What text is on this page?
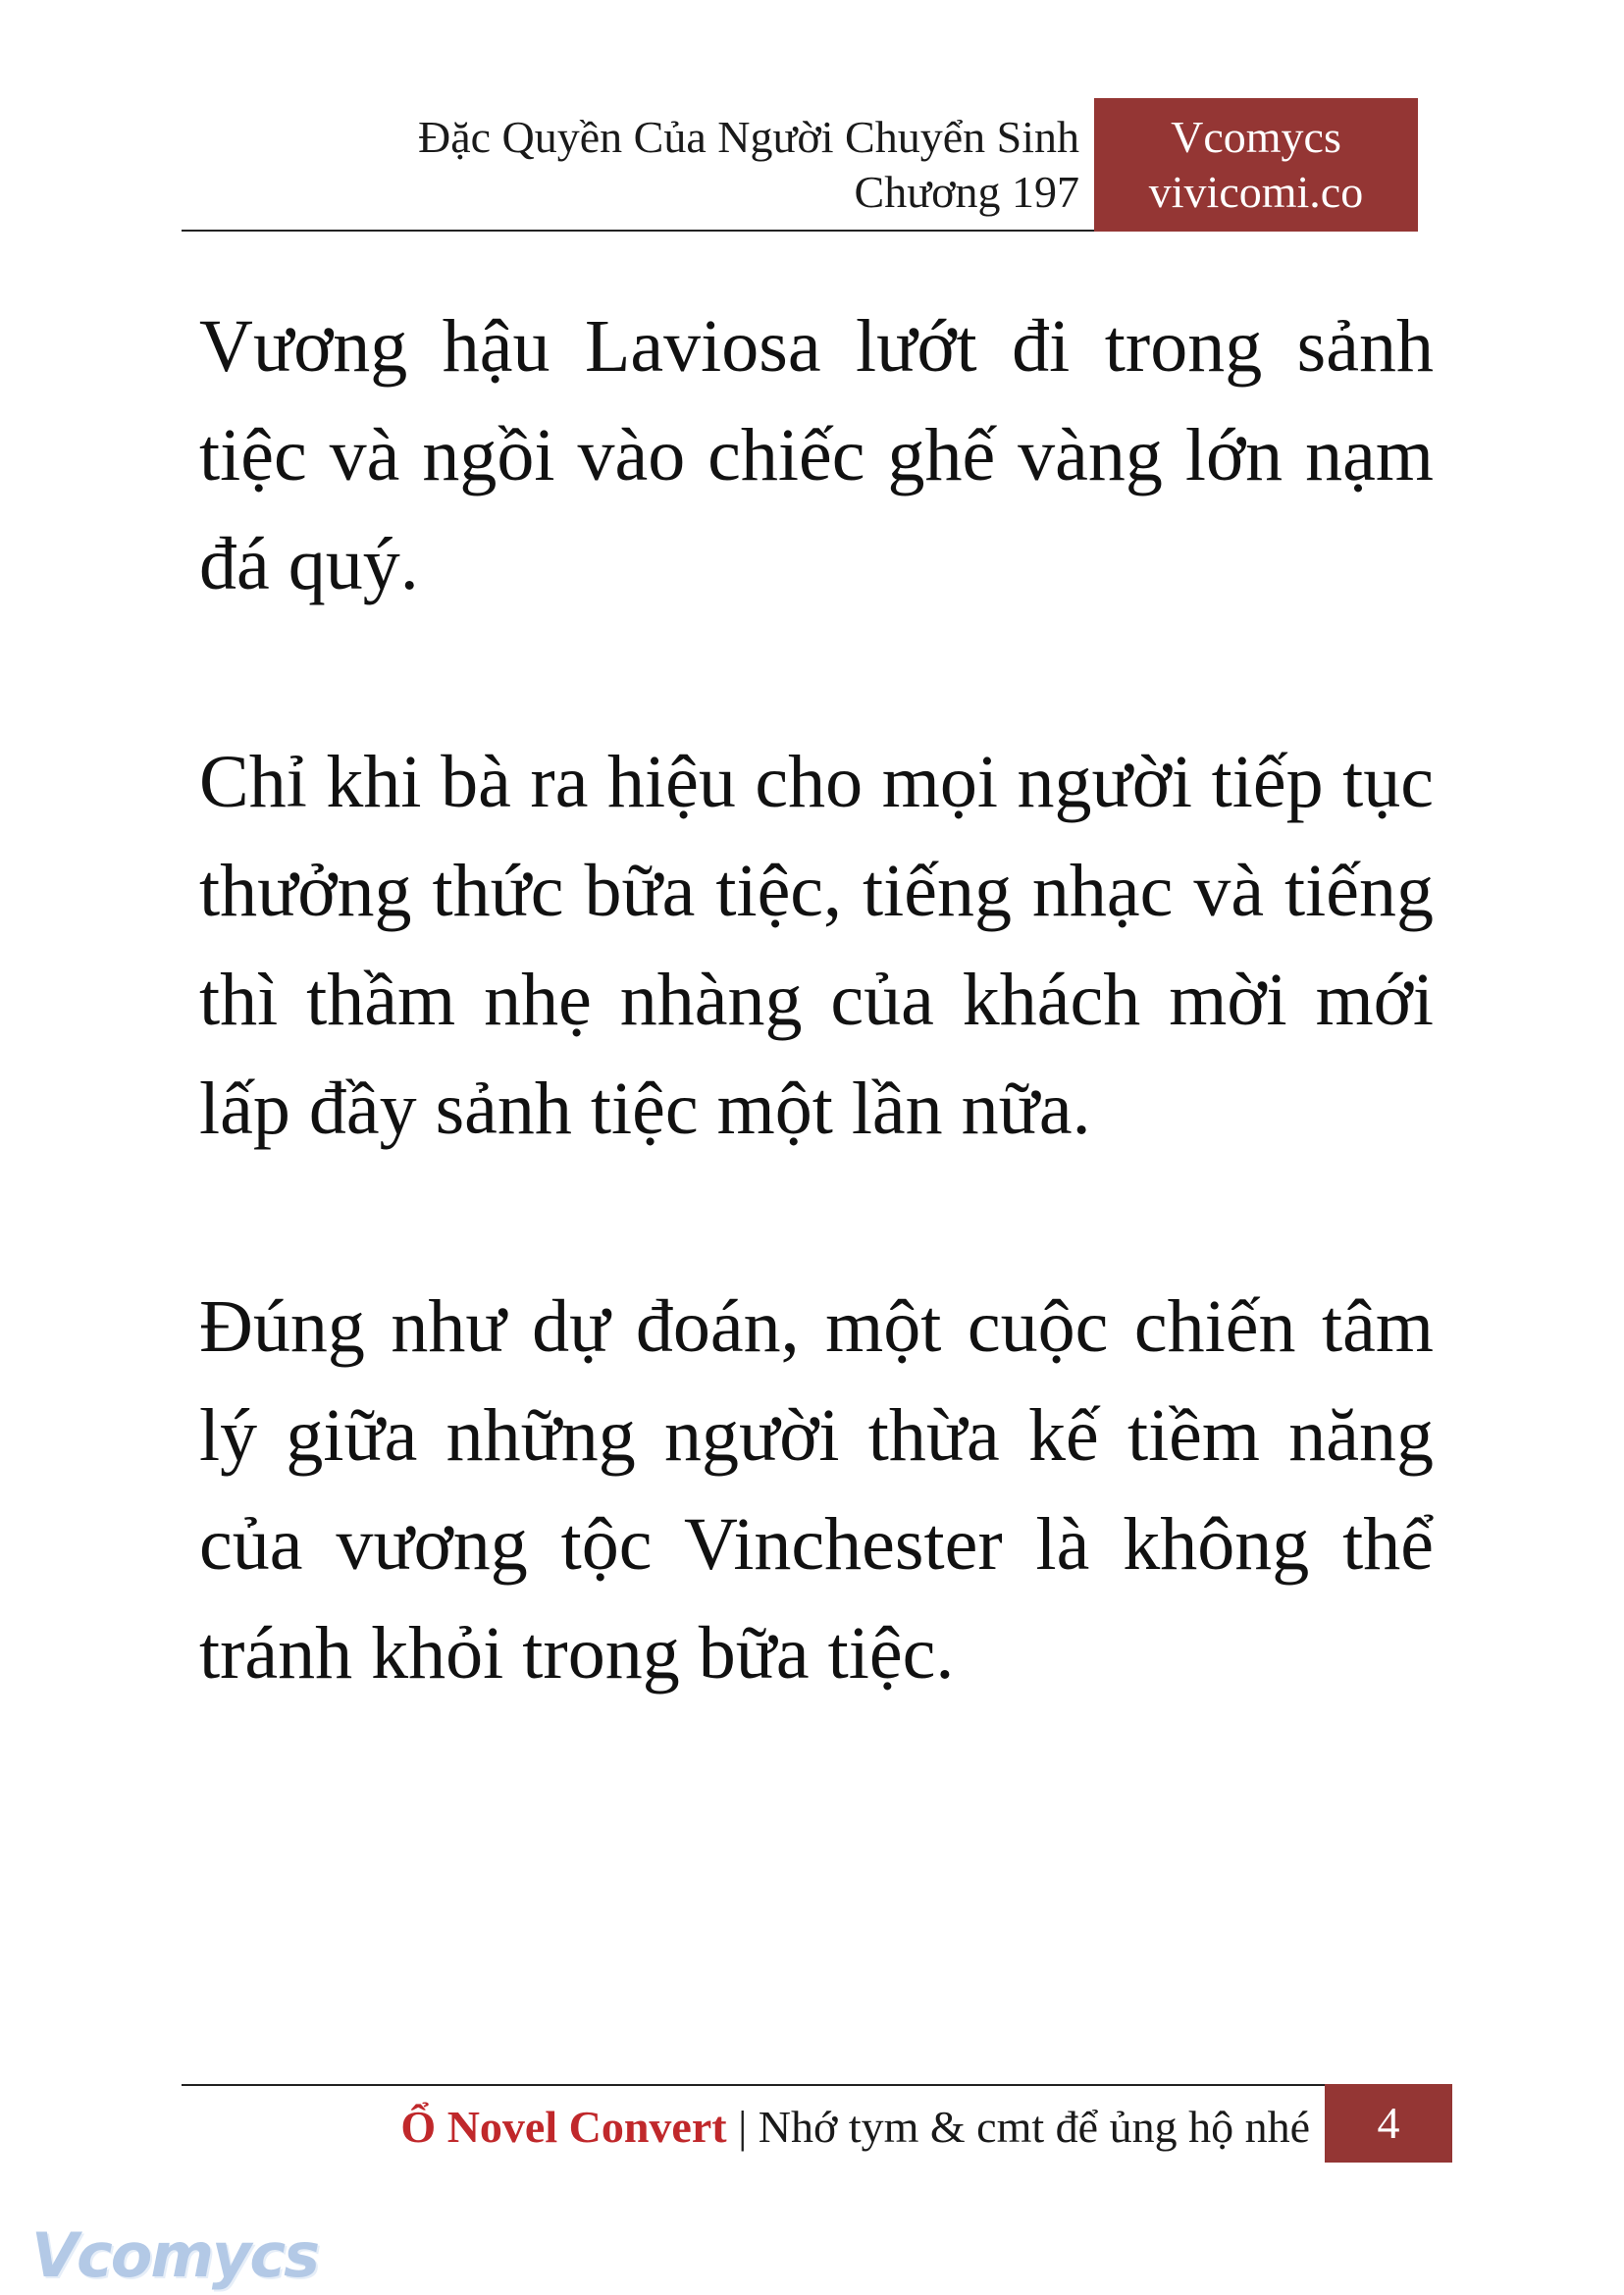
Đặc Quyền Của Người Chuyển Sinh
Chương 197
Vcomycs
vivicomi.co

Vương hậu Laviosa lướt đi trong sảnh tiệc và ngồi vào chiếc ghế vàng lớn nạm đá quý.

Chỉ khi bà ra hiệu cho mọi người tiếp tục thưởng thức bữa tiệc, tiếng nhạc và tiếng thì thầm nhẹ nhàng của khách mời mới lấp đầy sảnh tiệc một lần nữa.

Đúng như dự đoán, một cuộc chiến tâm lý giữa những người thừa kế tiềm năng của vương tộc Vinchester là không thể tránh khỏi trong bữa tiệc.

Ổ Novel Convert | Nhớ tym & cmt để ủng hộ nhé	4
Vcomycs
